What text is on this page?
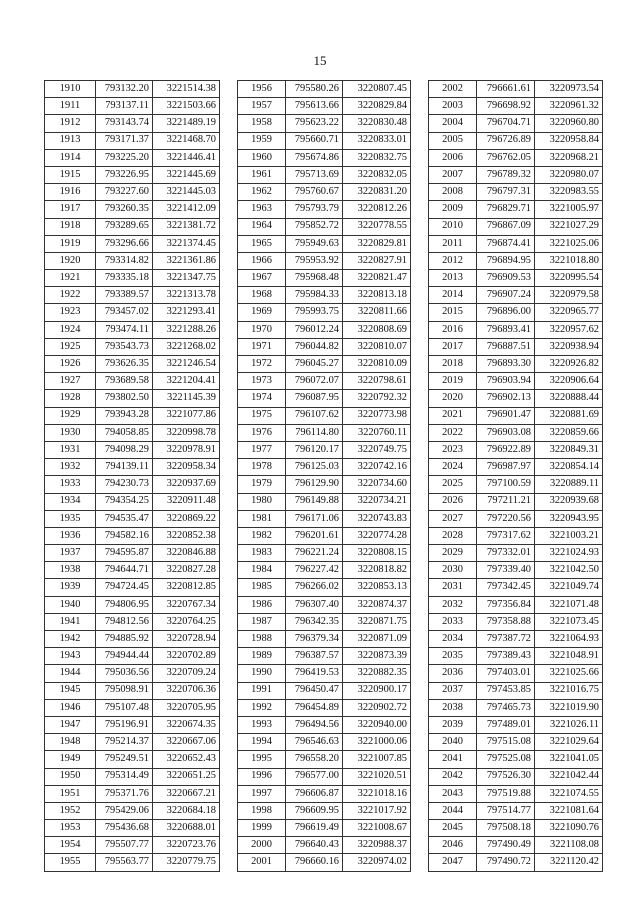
15
1910	793132.20	3221514.38
1911	793137.11	3221503.66
1912	793143.74	3221489.19
1913	793171.37	3221468.70
1914	793225.20	3221446.41
1915	793226.95	3221445.69
1916	793227.60	3221445.03
1917	793260.35	3221412.09
1918	793289.65	3221381.72
1919	793296.66	3221374.45
1920	793314.82	3221361.86
1921	793335.18	3221347.75
1922	793389.57	3221313.78
1923	793457.02	3221293.41
1924	793474.11	3221288.26
1925	793543.73	3221268.02
1926	793626.35	3221246.54
1927	793689.58	3221204.41
1928	793802.50	3221145.39
1929	793943.28	3221077.86
1930	794058.85	3220998.78
1931	794098.29	3220978.91
1932	794139.11	3220958.34
1933	794230.73	3220937.69
1934	794354.25	3220911.48
1935	794535.47	3220869.22
1936	794582.16	3220852.38
1937	794595.87	3220846.88
1938	794644.71	3220827.28
1939	794724.45	3220812.85
1940	794806.95	3220767.34
1941	794812.56	3220764.25
1942	794885.92	3220728.94
1943	794944.44	3220702.89
1944	795036.56	3220709.24
1945	795098.91	3220706.36
1946	795107.48	3220705.95
1947	795196.91	3220674.35
1948	795214.37	3220667.06
1949	795249.51	3220652.43
1950	795314.49	3220651.25
1951	795371.76	3220667.21
1952	795429.06	3220684.18
1953	795436.68	3220688.01
1954	795507.77	3220723.76
1955	795563.77	3220779.75
1956	795580.26	3220807.45
1957	795613.66	3220829.84
1958	795623.22	3220830.48
1959	795660.71	3220833.01
1960	795674.86	3220832.75
1961	795713.69	3220832.05
1962	795760.67	3220831.20
1963	795793.79	3220812.26
1964	795852.72	3220778.55
1965	795949.63	3220829.81
1966	795953.92	3220827.91
1967	795968.48	3220821.47
1968	795984.33	3220813.18
1969	795993.75	3220811.66
1970	796012.24	3220808.69
1971	796044.82	3220810.07
1972	796045.27	3220810.09
1973	796072.07	3220798.61
1974	796087.95	3220792.32
1975	796107.62	3220773.98
1976	796114.80	3220760.11
1977	796120.17	3220749.75
1978	796125.03	3220742.16
1979	796129.90	3220734.60
1980	796149.88	3220734.21
1981	796171.06	3220743.83
1982	796201.61	3220774.28
1983	796221.24	3220808.15
1984	796227.42	3220818.82
1985	796266.02	3220853.13
1986	796307.40	3220874.37
1987	796342.35	3220871.75
1988	796379.34	3220871.09
1989	796387.57	3220873.39
1990	796419.53	3220882.35
1991	796450.47	3220900.17
1992	796454.89	3220902.72
1993	796494.56	3220940.00
1994	796546.63	3221000.06
1995	796558.20	3221007.85
1996	796577.00	3221020.51
1997	796606.87	3221018.16
1998	796609.95	3221017.92
1999	796619.49	3221008.67
2000	796640.43	3220988.37
2001	796660.16	3220974.02
2002	796661.61	3220973.54
2003	796698.92	3220961.32
2004	796704.71	3220960.80
2005	796726.89	3220958.84
2006	796762.05	3220968.21
2007	796789.32	3220980.07
2008	796797.31	3220983.55
2009	796829.71	3221005.97
2010	796867.09	3221027.29
2011	796874.41	3221025.06
2012	796894.95	3221018.80
2013	796909.53	3220995.54
2014	796907.24	3220979.58
2015	796896.00	3220965.77
2016	796893.41	3220957.62
2017	796887.51	3220938.94
2018	796893.30	3220926.82
2019	796903.94	3220906.64
2020	796902.13	3220888.44
2021	796901.47	3220881.69
2022	796903.08	3220859.66
2023	796922.89	3220849.31
2024	796987.97	3220854.14
2025	797100.59	3220889.11
2026	797211.21	3220939.68
2027	797220.56	3220943.95
2028	797317.62	3221003.21
2029	797332.01	3221024.93
2030	797339.40	3221042.50
2031	797342.45	3221049.74
2032	797356.84	3221071.48
2033	797358.88	3221073.45
2034	797387.72	3221064.93
2035	797389.43	3221048.91
2036	797403.01	3221025.66
2037	797453.85	3221016.75
2038	797465.73	3221019.90
2039	797489.01	3221026.11
2040	797515.08	3221029.64
2041	797525.08	3221041.05
2042	797526.30	3221042.44
2043	797519.88	3221074.55
2044	797514.77	3221081.64
2045	797508.18	3221090.76
2046	797490.49	3221108.08
2047	797490.72	3221120.42
